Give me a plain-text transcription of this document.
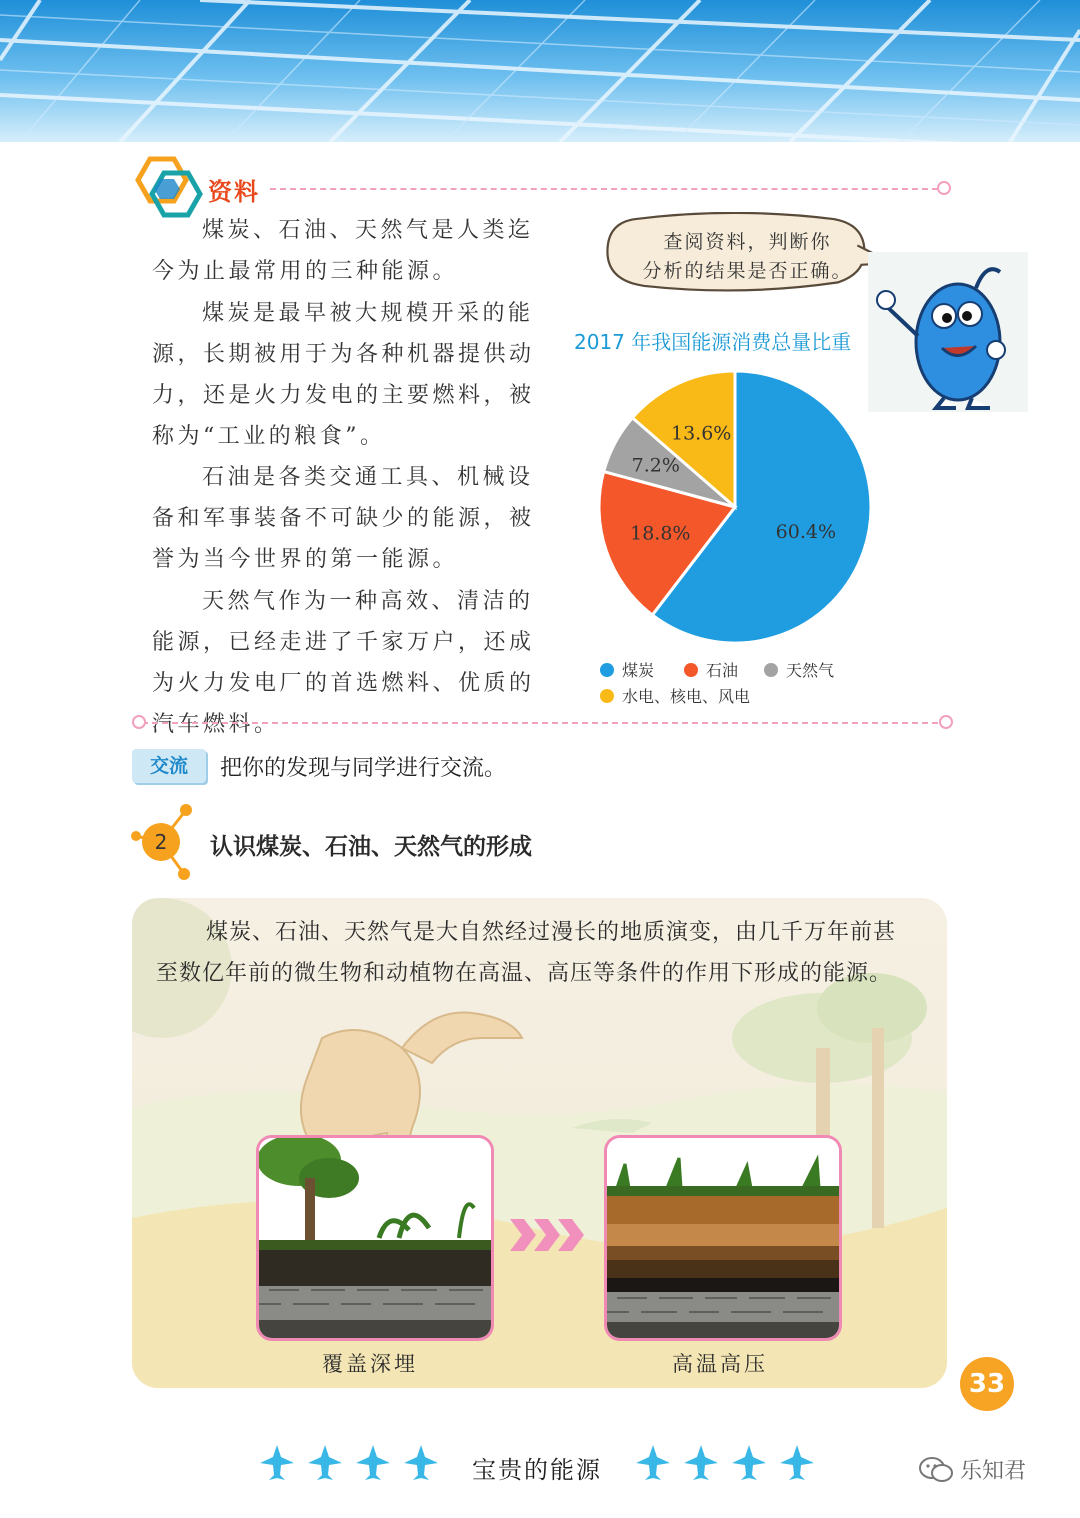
资料

煤炭、石油、天然气是人类迄今为止最常用的三种能源。

煤炭是最早被大规模开采的能源，长期被用于为各种机器提供动力，还是火力发电的主要燃料，被称为“工业的粮食”。

石油是各类交通工具、机械设备和军事装备不可缺少的能源，被誉为当今世界的第一能源。

天然气作为一种高效、清洁的能源，已经走进了千家万户，还成为火力发电厂的首选燃料、优质的汽车燃料。

查阅资料，判断你
分析的结果是否正确。
2017 年我国能源消费总量比重
60.4%
18.8%
7.2%
13.6%
煤炭	石油	天然气
水电、核电、风电
交流	把你的发现与同学进行交流。
2	认识煤炭、石油、天然气的形成

煤炭、石油、天然气是大自然经过漫长的地质演变，由几千万年前甚至数亿年前的微生物和动植物在高温、高压等条件的作用下形成的能源。

覆盖深埋	高温高压
33
宝贵的能源	乐知君
